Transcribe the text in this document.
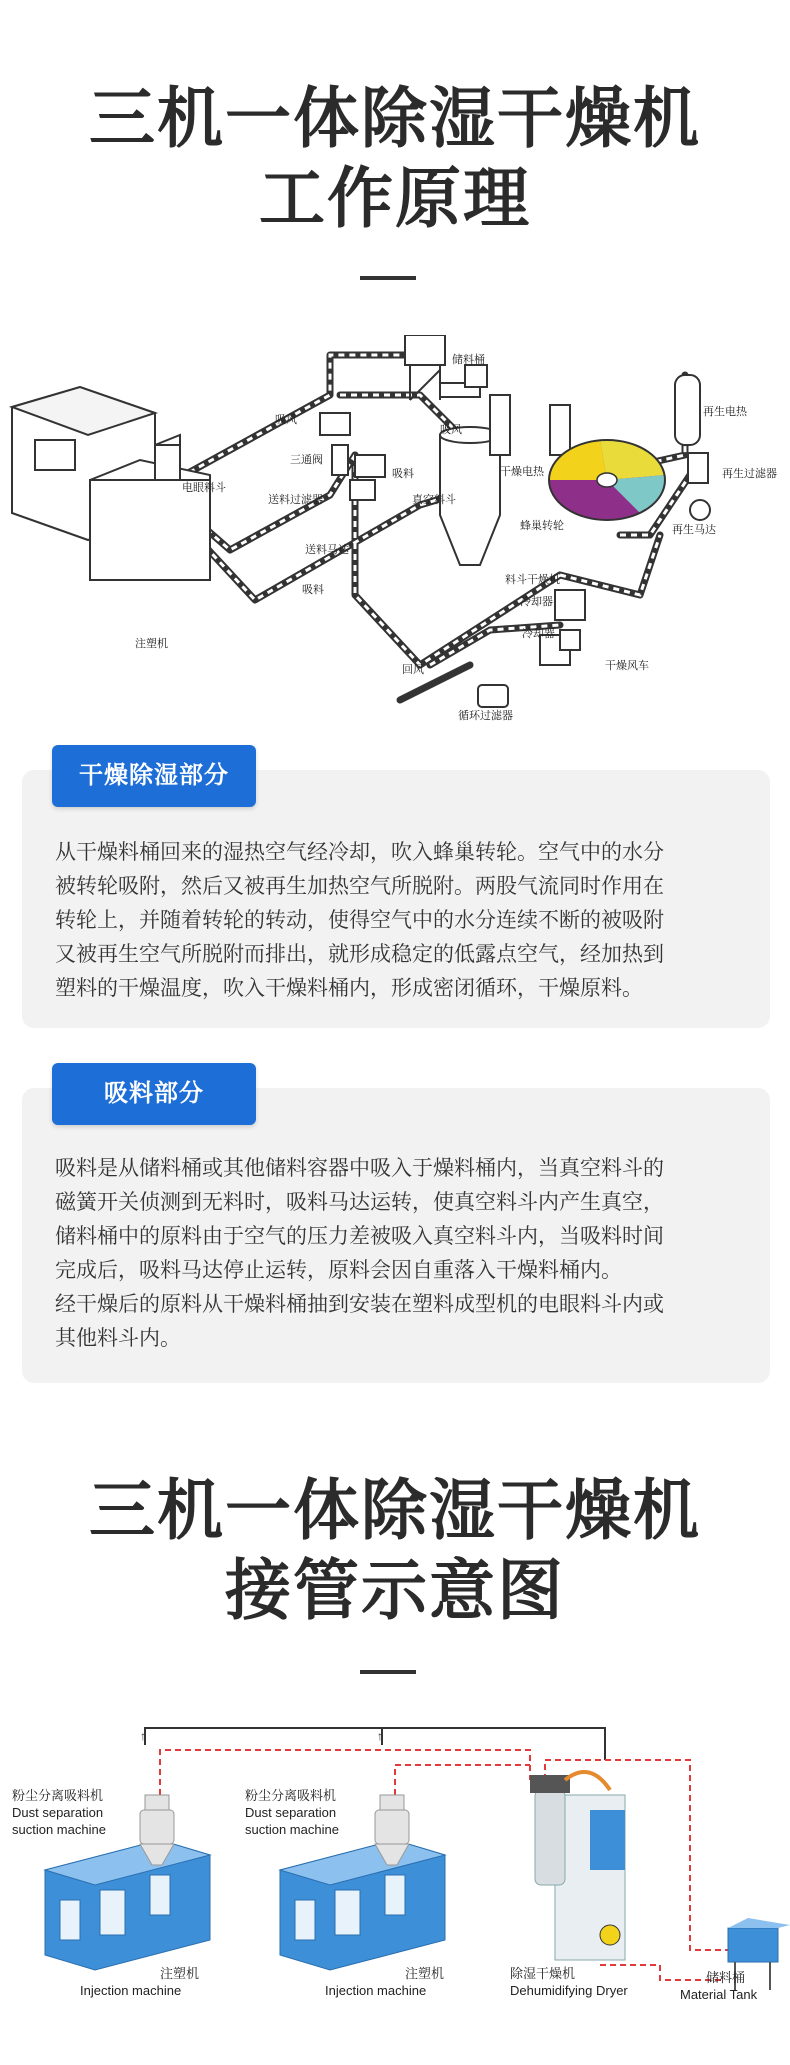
三机一体除湿干燥机
工作原理
储料桶
吸风
吸风
三通阀
送料过滤器
电眼料斗
吸料
真空料斗
干燥电热
蜂巢转轮
送料马达
吸料
注塑机
料斗干燥机
冷却器
冷却器
再生电热
再生过滤器
再生马达
干燥风车
回风
循环过滤器
干燥除湿部分

从干燥料桶回来的湿热空气经冷却，吹入蜂巢转轮。空气中的水分

被转轮吸附，然后又被再生加热空气所脱附。两股气流同时作用在

转轮上，并随着转轮的转动，使得空气中的水分连续不断的被吸附

又被再生空气所脱附而排出，就形成稳定的低露点空气，经加热到

塑料的干燥温度，吹入干燥料桶内，形成密闭循环，干燥原料。

吸料部分

吸料是从储料桶或其他储料容器中吸入于燥料桶内，当真空料斗的

磁簧开关侦测到无料时，吸料马达运转，使真空料斗内产生真空，

储料桶中的原料由于空气的压力差被吸入真空料斗内，当吸料时间

完成后，吸料马达停止运转，原料会因自重落入干燥料桶内。

经干燥后的原料从干燥料桶抽到安装在塑料成型机的电眼料斗内或

其他料斗内。

三机一体除湿干燥机
接管示意图
↑	↑
粉尘分离吸料机
Dust separation
suction machine
粉尘分离吸料机
Dust separation
suction machine
注塑机
Injection machine
注塑机
Injection machine
除湿干燥机
Dehumidifying Dryer
储料桶
Material Tank
